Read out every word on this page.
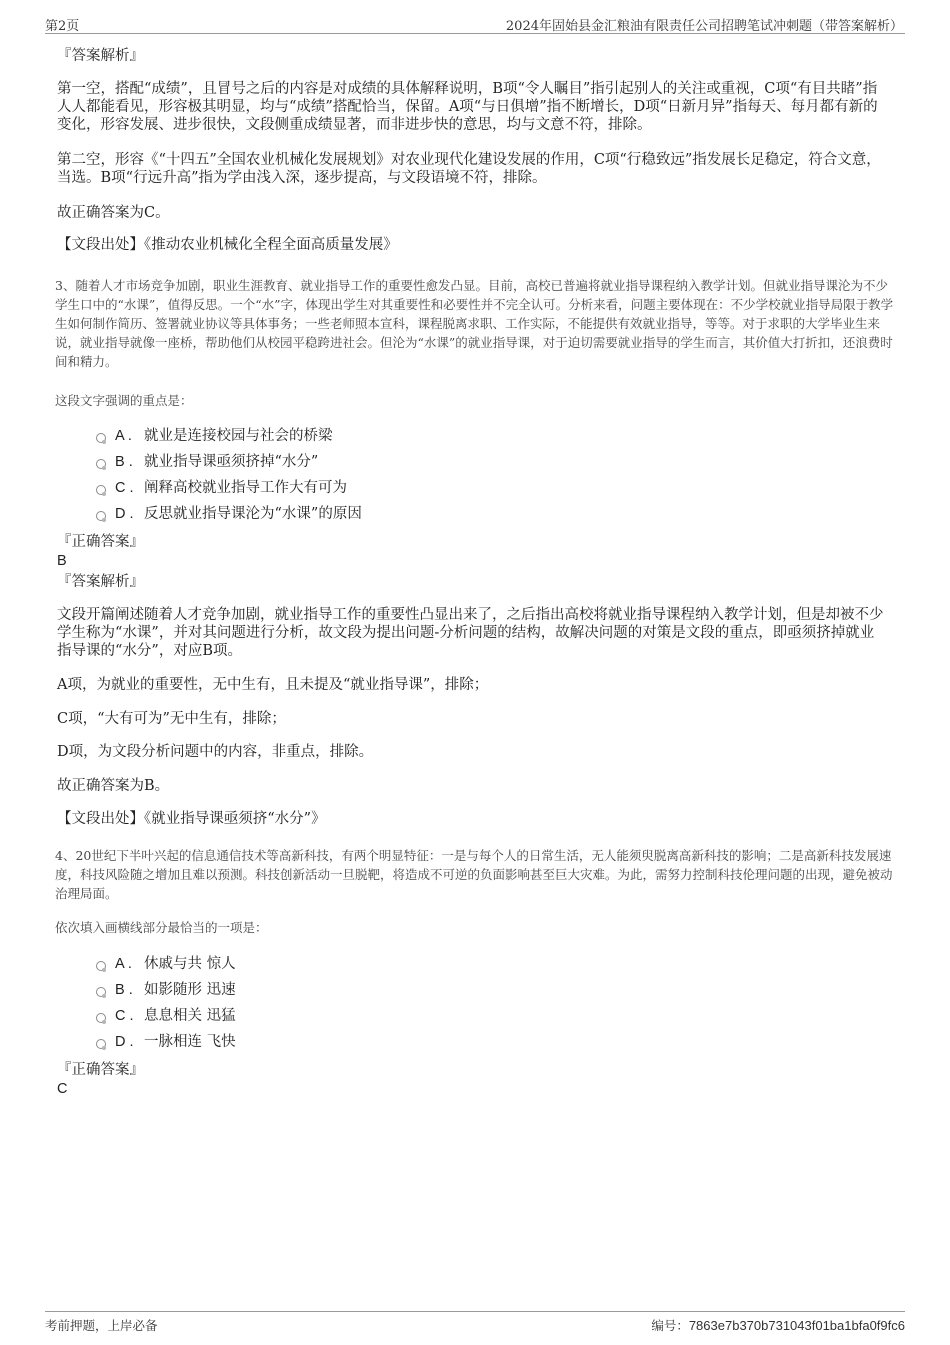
第2页	2024年固始县金汇粮油有限责任公司招聘笔试冲刺题（带答案解析）
『答案解析』
第一空，搭配“成绩”，且冒号之后的内容是对成绩的具体解释说明，B项“令人瞩目”指引起别人的关注或重视，C项“有目共睹”指人人都能看见，形容极其明显，均与“成绩”搭配恰当，保留。A项“与日俱增”指不断增长，D项“日新月异”指每天、每月都有新的变化，形容发展、进步很快，文段侧重成绩显著，而非进步快的意思，均与文意不符，排除。
第二空，形容《“十四五”全国农业机械化发展规划》对农业现代化建设发展的作用，C项“行稳致远”指发展长足稳定，符合文意，当选。B项“行远升高”指为学由浅入深，逐步提高，与文段语境不符，排除。
故正确答案为C。
【文段出处】《推动农业机械化全程全面高质量发展》
3、随着人才市场竞争加剧，职业生涯教育、就业指导工作的重要性愈发凸显。目前，高校已普遍将就业指导课程纳入教学计划。但就业指导课沦为不少学生口中的“水课”，值得反思。一个“水”字，体现出学生对其重要性和必要性并不完全认可。分析来看，问题主要体现在：不少学校就业指导局限于教学生如何制作简历、签署就业协议等具体事务；一些老师照本宣科，课程脱离求职、工作实际，不能提供有效就业指导，等等。对于求职的大学毕业生来说，就业指导就像一座桥，帮助他们从校园平稳跨进社会。但沦为“水课”的就业指导课，对于迫切需要就业指导的学生而言，其价值大打折扣，还浪费时间和精力。
这段文字强调的重点是：
A . 就业是连接校园与社会的桥梁
B . 就业指导课亟须挤掉“水分”
C . 阐释高校就业指导工作大有可为
D . 反思就业指导课沦为“水课”的原因
『正确答案』
B
『答案解析』
文段开篇阐述随着人才竞争加剧，就业指导工作的重要性凸显出来了，之后指出高校将就业指导课程纳入教学计划，但是却被不少学生称为“水课”，并对其问题进行分析，故文段为提出问题-分析问题的结构，故解决问题的对策是文段的重点，即亟须挤掉就业指导课的“水分”，对应B项。
A项，为就业的重要性，无中生有，且未提及“就业指导课”，排除；
C项，“大有可为”无中生有，排除；
D项，为文段分析问题中的内容，非重点，排除。
故正确答案为B。
【文段出处】《就业指导课亟须挤“水分”》
4、20世纪下半叶兴起的信息通信技术等高新科技，有两个明显特征：一是与每个人的日常生活，无人能须臾脱离高新科技的影响；二是高新科技发展速度，科技风险随之增加且难以预测。科技创新活动一旦脱靶，将造成不可逆的负面影响甚至巨大灾难。为此，需努力控制科技伦理问题的出现，避免被动治理局面。
依次填入画横线部分最恰当的一项是：
A . 休戚与共 惊人
B . 如影随形 迅速
C . 息息相关 迅猛
D . 一脉相连 飞快
『正确答案』
C
考前押题，上岸必备	编号：7863e7b370b731043f01ba1bfa0f9fc6
